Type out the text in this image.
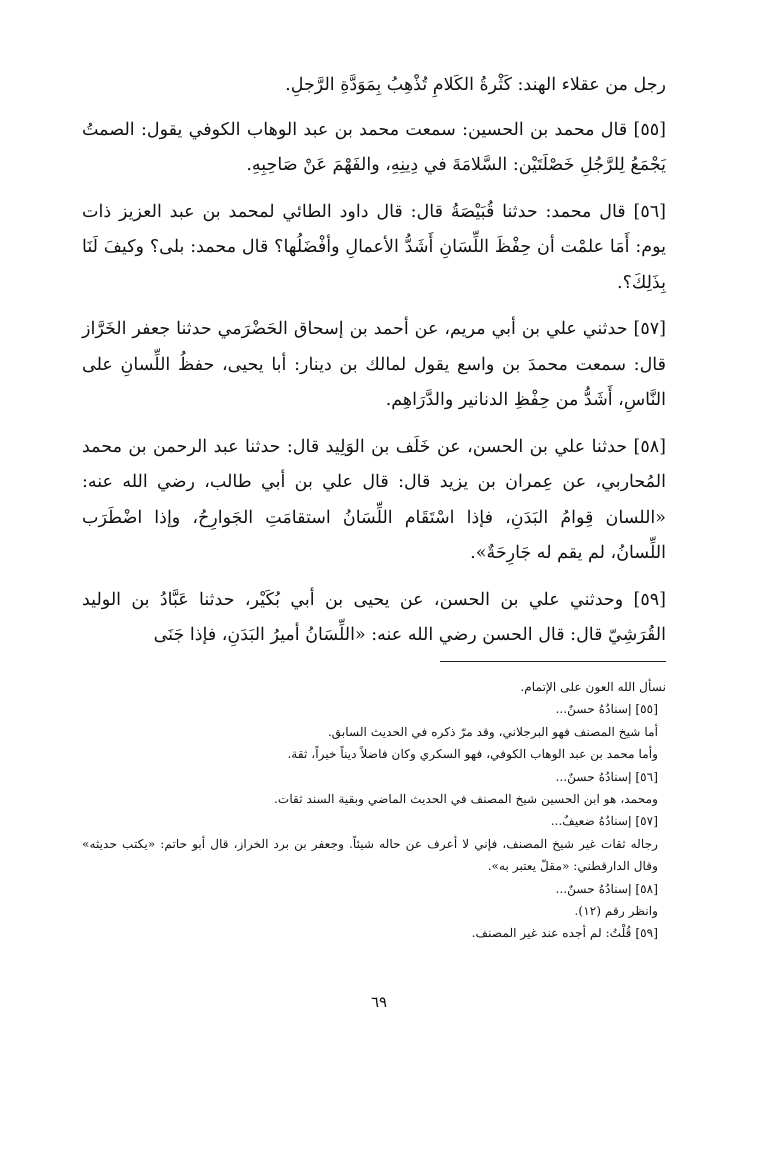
رجل من عقلاء الهند: كَثْرةُ الكَلامِ تُذْهِبُ بِمَوَدَّةِ الرَّجلِ.

[٥٥] قال محمد بن الحسين: سمعت محمد بن عبد الوهاب الكوفي يقول: الصمتُ يَجْمَعُ لِلرَّجُلِ خَصْلَتَيْن: السَّلامَةَ في دِينِهِ، والفَهْمَ عَنْ صَاحِبِهِ.

[٥٦] قال محمد: حدثنا قُبَيْصَةُ قال: قال داود الطائي لمحمد بن عبد العزيز ذات يوم: أَمَا علمْت أن حِفْظَ اللِّسَانِ أَشَدُّ الأعمالِ وأفْضَلُها؟ قال محمد: بلى؟ وكيفَ لَنَا بِذَلِكَ؟.

[٥٧] حدثني علي بن أبي مريم، عن أحمد بن إسحاق الحَضْرَمي حدثنا جعفر الخَرَّاز قال: سمعت محمدَ بن واسع يقول لمالك بن دينار: أبا يحيى، حفظُ اللِّسانِ على النَّاسِ، أَشَدُّ من حِفْظِ الدنانير والدَّرَاهِم.

[٥٨] حدثنا علي بن الحسن، عن خَلَف بن الوَلِيد قال: حدثنا عبد الرحمن بن محمد المُحاربي، عن عِمران بن يزيد قال: قال علي بن أبي طالب، رضي الله عنه: «اللسان قِوامُ البَدَنِ، فإذا اسْتَقَام اللِّسَانُ استقامَتِ الجَوارِحُ، وإذا اضْطَرَب اللِّسانُ، لم يقم له جَارِحَةٌ».

[٥٩] وحدثني علي بن الحسن، عن يحيى بن أبي بُكَيْر، حدثنا عَبَّادُ بن الوليد القُرَشِيّ قال: قال الحسن رضي الله عنه: «اللِّسَانُ أميرُ البَدَنِ، فإذا جَنَى

نسأل الله العون على الإتمام.

[٥٥] إسنادُهُ حسنٌ...

أما شيخ المصنف فهو البرجلاني، وقد مرّ ذكره في الحديث السابق.

وأما محمد بن عبد الوهاب الكوفي، فهو السكري وكان فاضلاً ديناً خيراً، ثقة.

[٥٦] إسنادُهُ حسنٌ...

ومحمد، هو ابن الحسين شيخ المصنف في الحديث الماضي وبقية السند ثقات.

[٥٧] إسنادُهُ ضعيفٌ...

رجاله ثقات غير شيخ المصنف، فإني لا أعرف عن حاله شيئاً. وجعفر بن برد الخراز، قال أبو حاتم: «يكتب حديثه» وقال الدارقطني: «مقلّ يعتبر به».

[٥٨] إسنادُهُ حسنٌ...

وانظر رقم (١٢).

[٥٩] قُلْتُ: لم أجده عند غير المصنف.

٦٩
